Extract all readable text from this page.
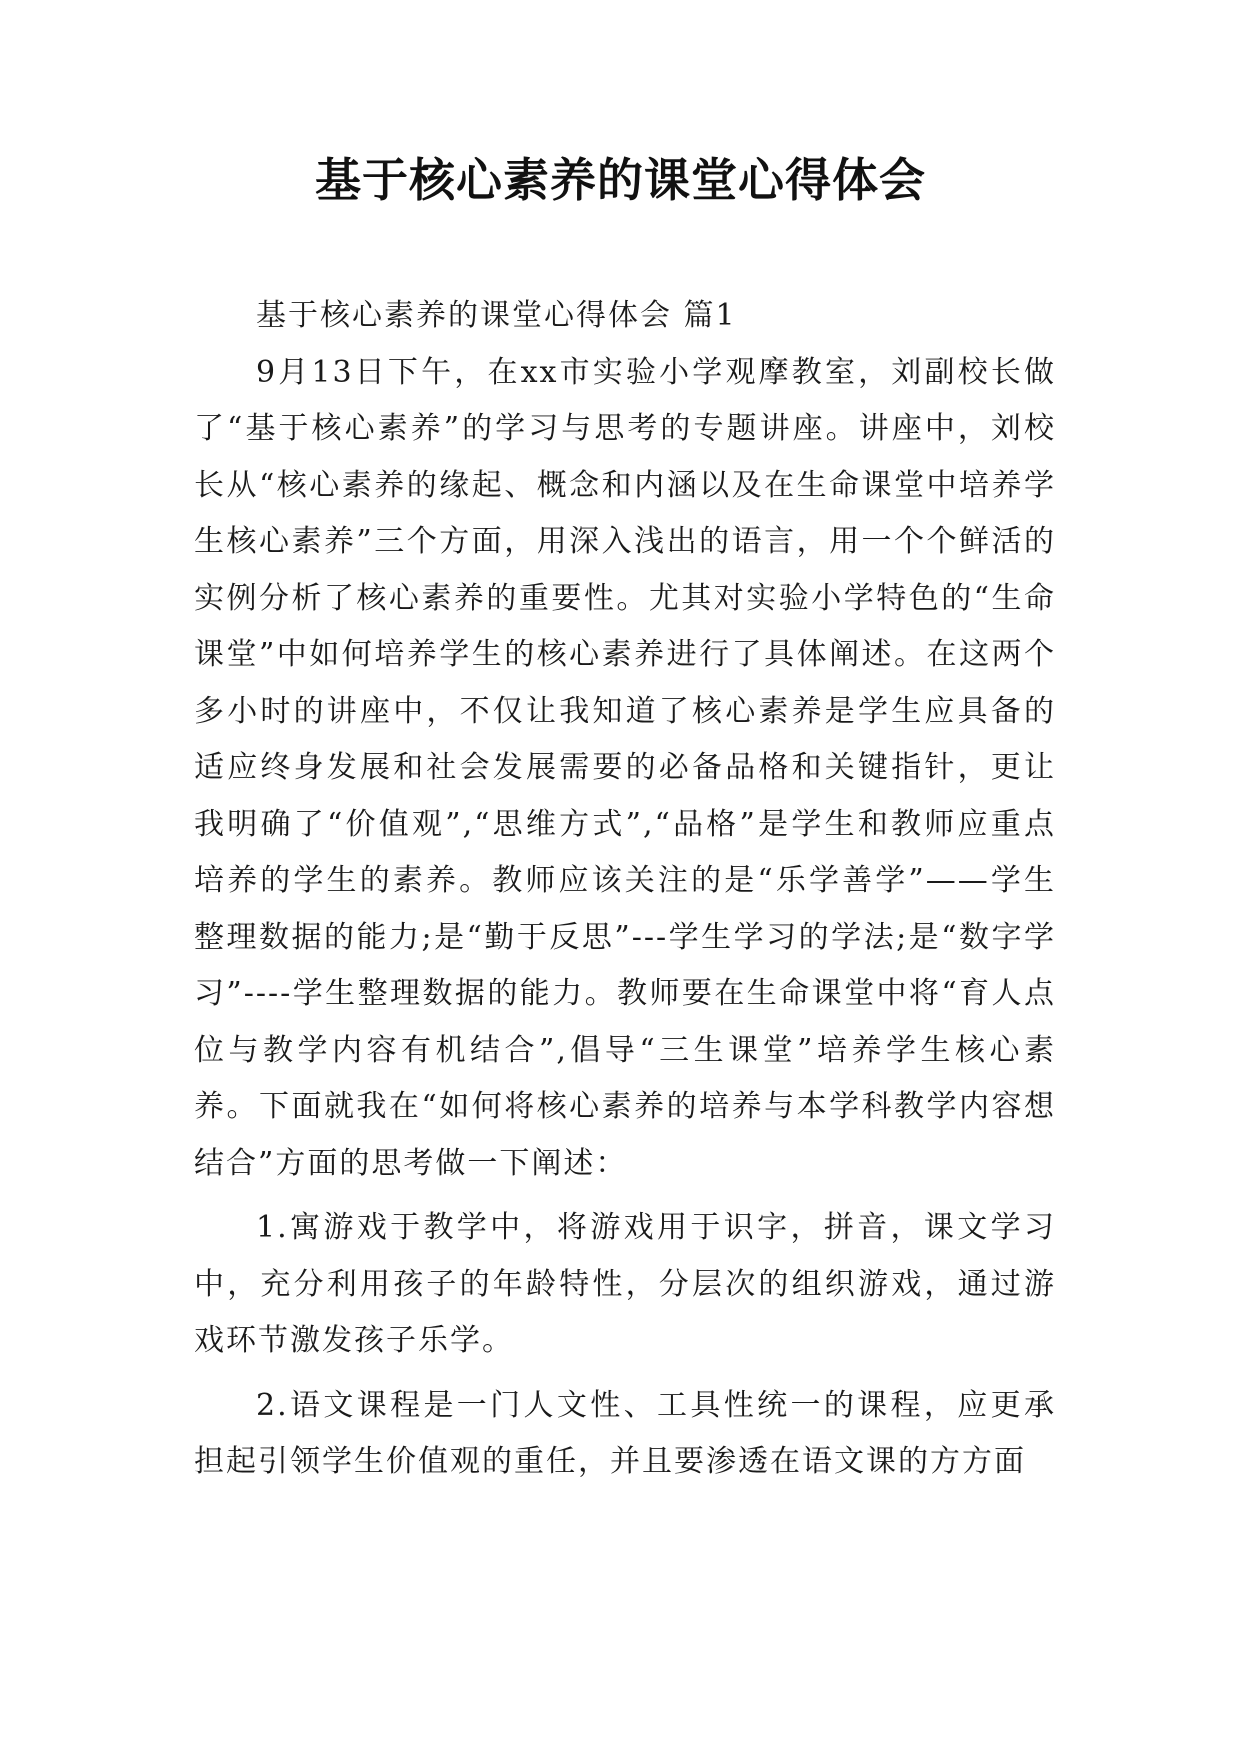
基于核心素养的课堂心得体会

基于核心素养的课堂心得体会 篇1

9月13日下午，在xx市实验小学观摩教室，刘副校长做了“基于核心素养”的学习与思考的专题讲座。讲座中，刘校长从“核心素养的缘起、概念和内涵以及在生命课堂中培养学生核心素养”三个方面，用深入浅出的语言，用一个个鲜活的实例分析了核心素养的重要性。尤其对实验小学特色的“生命课堂”中如何培养学生的核心素养进行了具体阐述。在这两个多小时的讲座中，不仅让我知道了核心素养是学生应具备的适应终身发展和社会发展需要的必备品格和关键指针，更让我明确了“价值观”,“思维方式”,“品格”是学生和教师应重点培养的学生的素养。教师应该关注的是“乐学善学”——学生整理数据的能力;是“勤于反思”---学生学习的学法;是“数字学习”----学生整理数据的能力。教师要在生命课堂中将“育人点位与教学内容有机结合”,倡导“三生课堂”培养学生核心素养。下面就我在“如何将核心素养的培养与本学科教学内容想结合”方面的思考做一下阐述：

1.寓游戏于教学中，将游戏用于识字，拼音，课文学习中，充分利用孩子的年龄特性，分层次的组织游戏，通过游戏环节激发孩子乐学。

2.语文课程是一门人文性、工具性统一的课程，应更承担起引领学生价值观的重任，并且要渗透在语文课的方方面
